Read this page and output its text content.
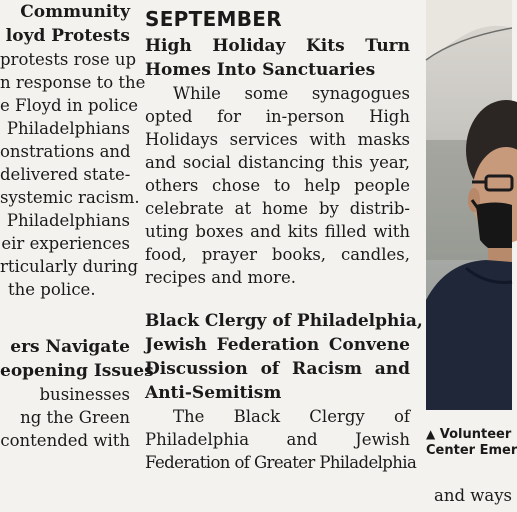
Community
loyd Protests

protests rose up
n response to the
e Floyd in police
Philadelphians
onstrations and
delivered state-
systemic racism.
Philadelphians
eir experiences
rticularly during
the police.

ers Navigate
eopening Issues

businesses
ng the Green
contended with

SEPTEMBER

High Holiday Kits Turn
Homes Into Sanctuaries

While some synagogues
opted for in-person High
Holidays services with masks
and social distancing this year,
others chose to help people
celebrate at home by distrib-
uting boxes and kits filled with
food, prayer books, candles,
recipes and more.

Black Clergy of Philadelphia,
Jewish Federation Convene
Discussion of Racism and
Anti-Semitism

The Black Clergy of
Philadelphia and Jewish
Federation of Greater Philadelphia

▲ Volunteer
Center Emer
and ways
